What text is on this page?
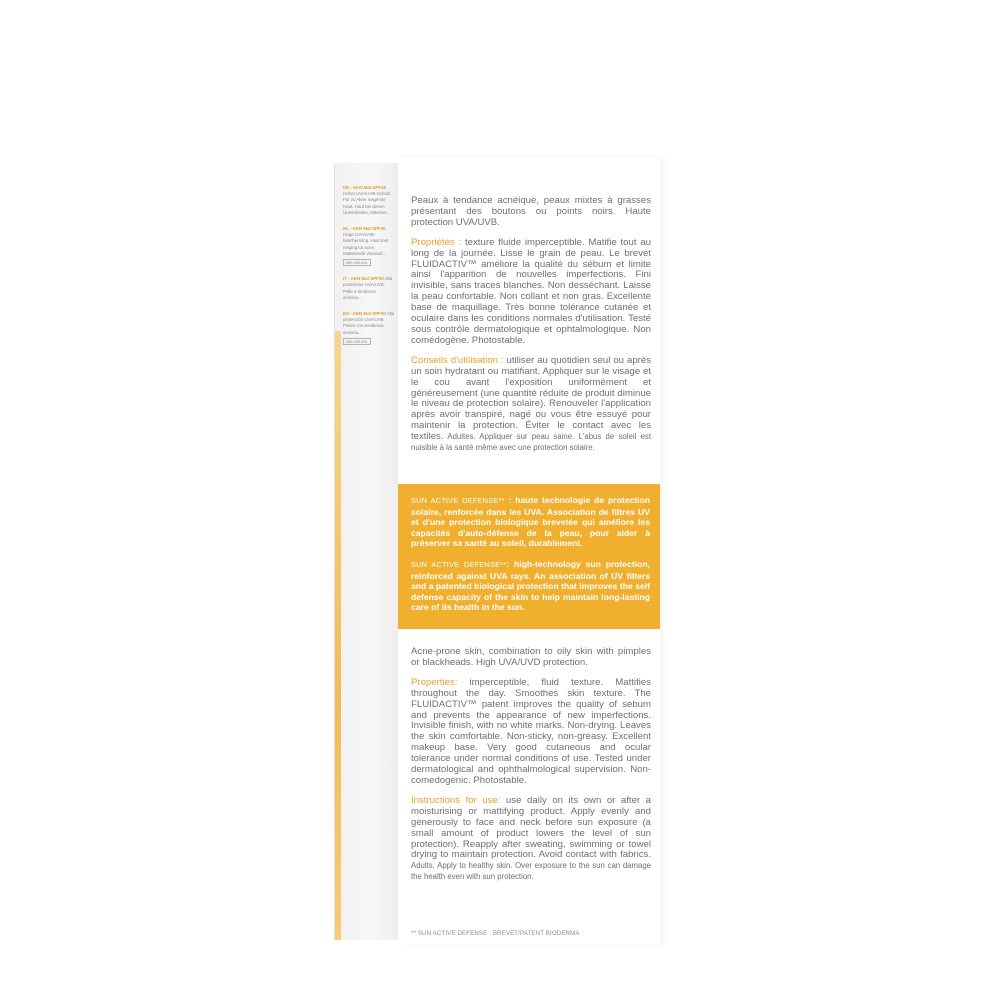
DE - AKN Mat SPF30 Hoher UVA/UVB-Schutz. Für zu Akne neigende Haut. Haut bei denen Unreinheiten, Mitesser...
NL - AKN Mat SPF30 Hoge UVA/UVB-bescherming. Huid met neiging tot acne. Matterende vloeistof...
289-430-491
IT - AKN Mat SPF30 Alta protezione UVA/UVB. Pelle a tendenza acneica...
ES - AKN Mat SPF30 Alta protección UVA/UVB. Pieles con tendencia acneica...
289-430-491

Peaux à tendance acnéique, peaux mixtes à grasses présentant des boutons ou points noirs. Haute protection UVA/UVB.

Propriétés : texture fluide imperceptible. Matifie tout au long de la journée. Lisse le grain de peau. Le brevet FLUIDACTIV™ améliore la qualité du sébum et limite ainsi l'apparition de nouvelles imperfections. Fini invisible, sans traces blanches. Non desséchant. Laisse la peau confortable. Non collant et non gras. Excellente base de maquillage. Très bonne tolérance cutanée et oculaire dans les conditions normales d'utilisation. Testé sous contrôle dermatologique et ophtalmologique. Non comédogène. Photostable.

Conseils d'utilisation : utiliser au quotidien seul ou après un soin hydratant ou matifiant. Appliquer sur le visage et le cou avant l'exposition uniformément et généreusement (une quantité réduite de produit diminue le niveau de protection solaire). Renouveler l'application après avoir transpiré, nagé ou vous être essuyé pour maintenir la protection. Éviter le contact avec les textiles. Adultes. Appliquer sur peau saine. L'abus de soleil est nuisible à la santé même avec une protection solaire.

SUN ACTIVE DEFENSE** : haute technologie de protection solaire, renforcée dans les UVA. Association de filtres UV et d'une protection biologique brevetée qui améliore les capacités d'auto-défense de la peau, pour aider à préserver sa santé au soleil, durablement.

SUN ACTIVE DEFENSE**: high-technology sun protection, reinforced against UVA rays. An association of UV filters and a patented biological protection that improves the self defense capacity of the skin to help maintain long-lasting care of its health in the sun.

Acne-prone skin, combination to oily skin with pimples or blackheads. High UVA/UVD protection.

Properties: imperceptible, fluid texture. Mattifies throughout the day. Smoothes skin texture. The FLUIDACTIV™ patent improves the quality of sebum and prevents the appearance of new imperfections. Invisible finish, with no white marks. Non-drying. Leaves the skin comfortable. Non-sticky, non-greasy. Excellent makeup base. Very good cutaneous and ocular tolerance under normal conditions of use. Tested under dermatological and ophthalmological supervision. Non-comedogenic. Photostable.

Instructions for use: use daily on its own or after a moisturising or mattifying product. Apply evenly and generously to face and neck before sun exposure (a small amount of product lowers the level of sun protection). Reapply after sweating, swimming or towel drying to maintain protection. Avoid contact with fabrics. Adults. Apply to healthy skin. Over exposure to the sun can damage the health even with sun protection.

** SUN ACTIVE DEFENSE : BREVET/PATENT BIODERMA
